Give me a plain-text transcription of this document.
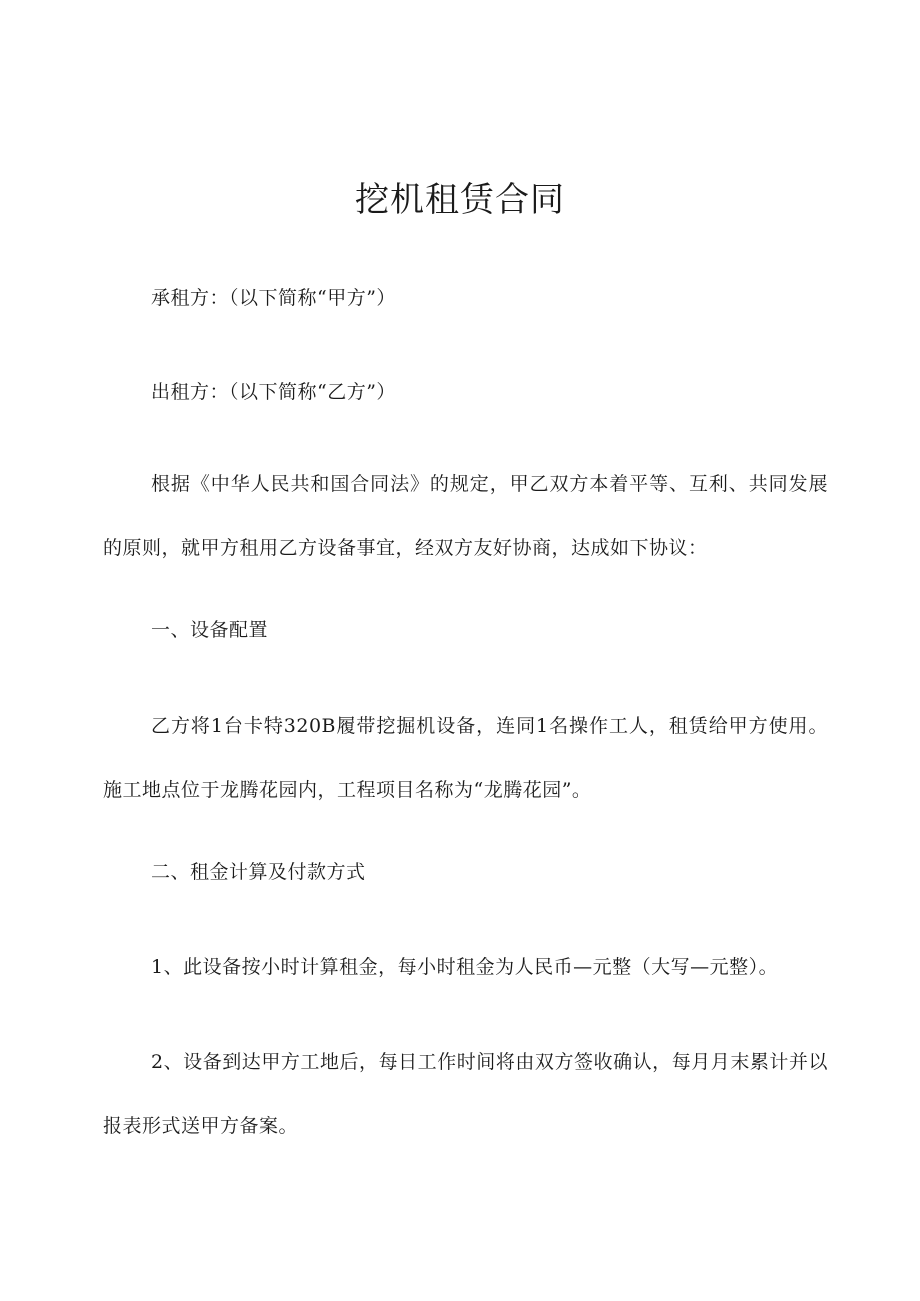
挖机租赁合同
承租方：（以下简称“甲方”）
出租方：（以下简称“乙方”）
根据《中华人民共和国合同法》的规定，甲乙双方本着平等、互利、共同发展的原则，就甲方租用乙方设备事宜，经双方友好协商，达成如下协议：
一、设备配置
乙方将1台卡特320B履带挖掘机设备，连同1名操作工人，租赁给甲方使用。施工地点位于龙腾花园内，工程项目名称为“龙腾花园”。
二、租金计算及付款方式
1、此设备按小时计算租金，每小时租金为人民币—元整（大写—元整）。
2、设备到达甲方工地后，每日工作时间将由双方签收确认，每月月末累计并以报表形式送甲方备案。
